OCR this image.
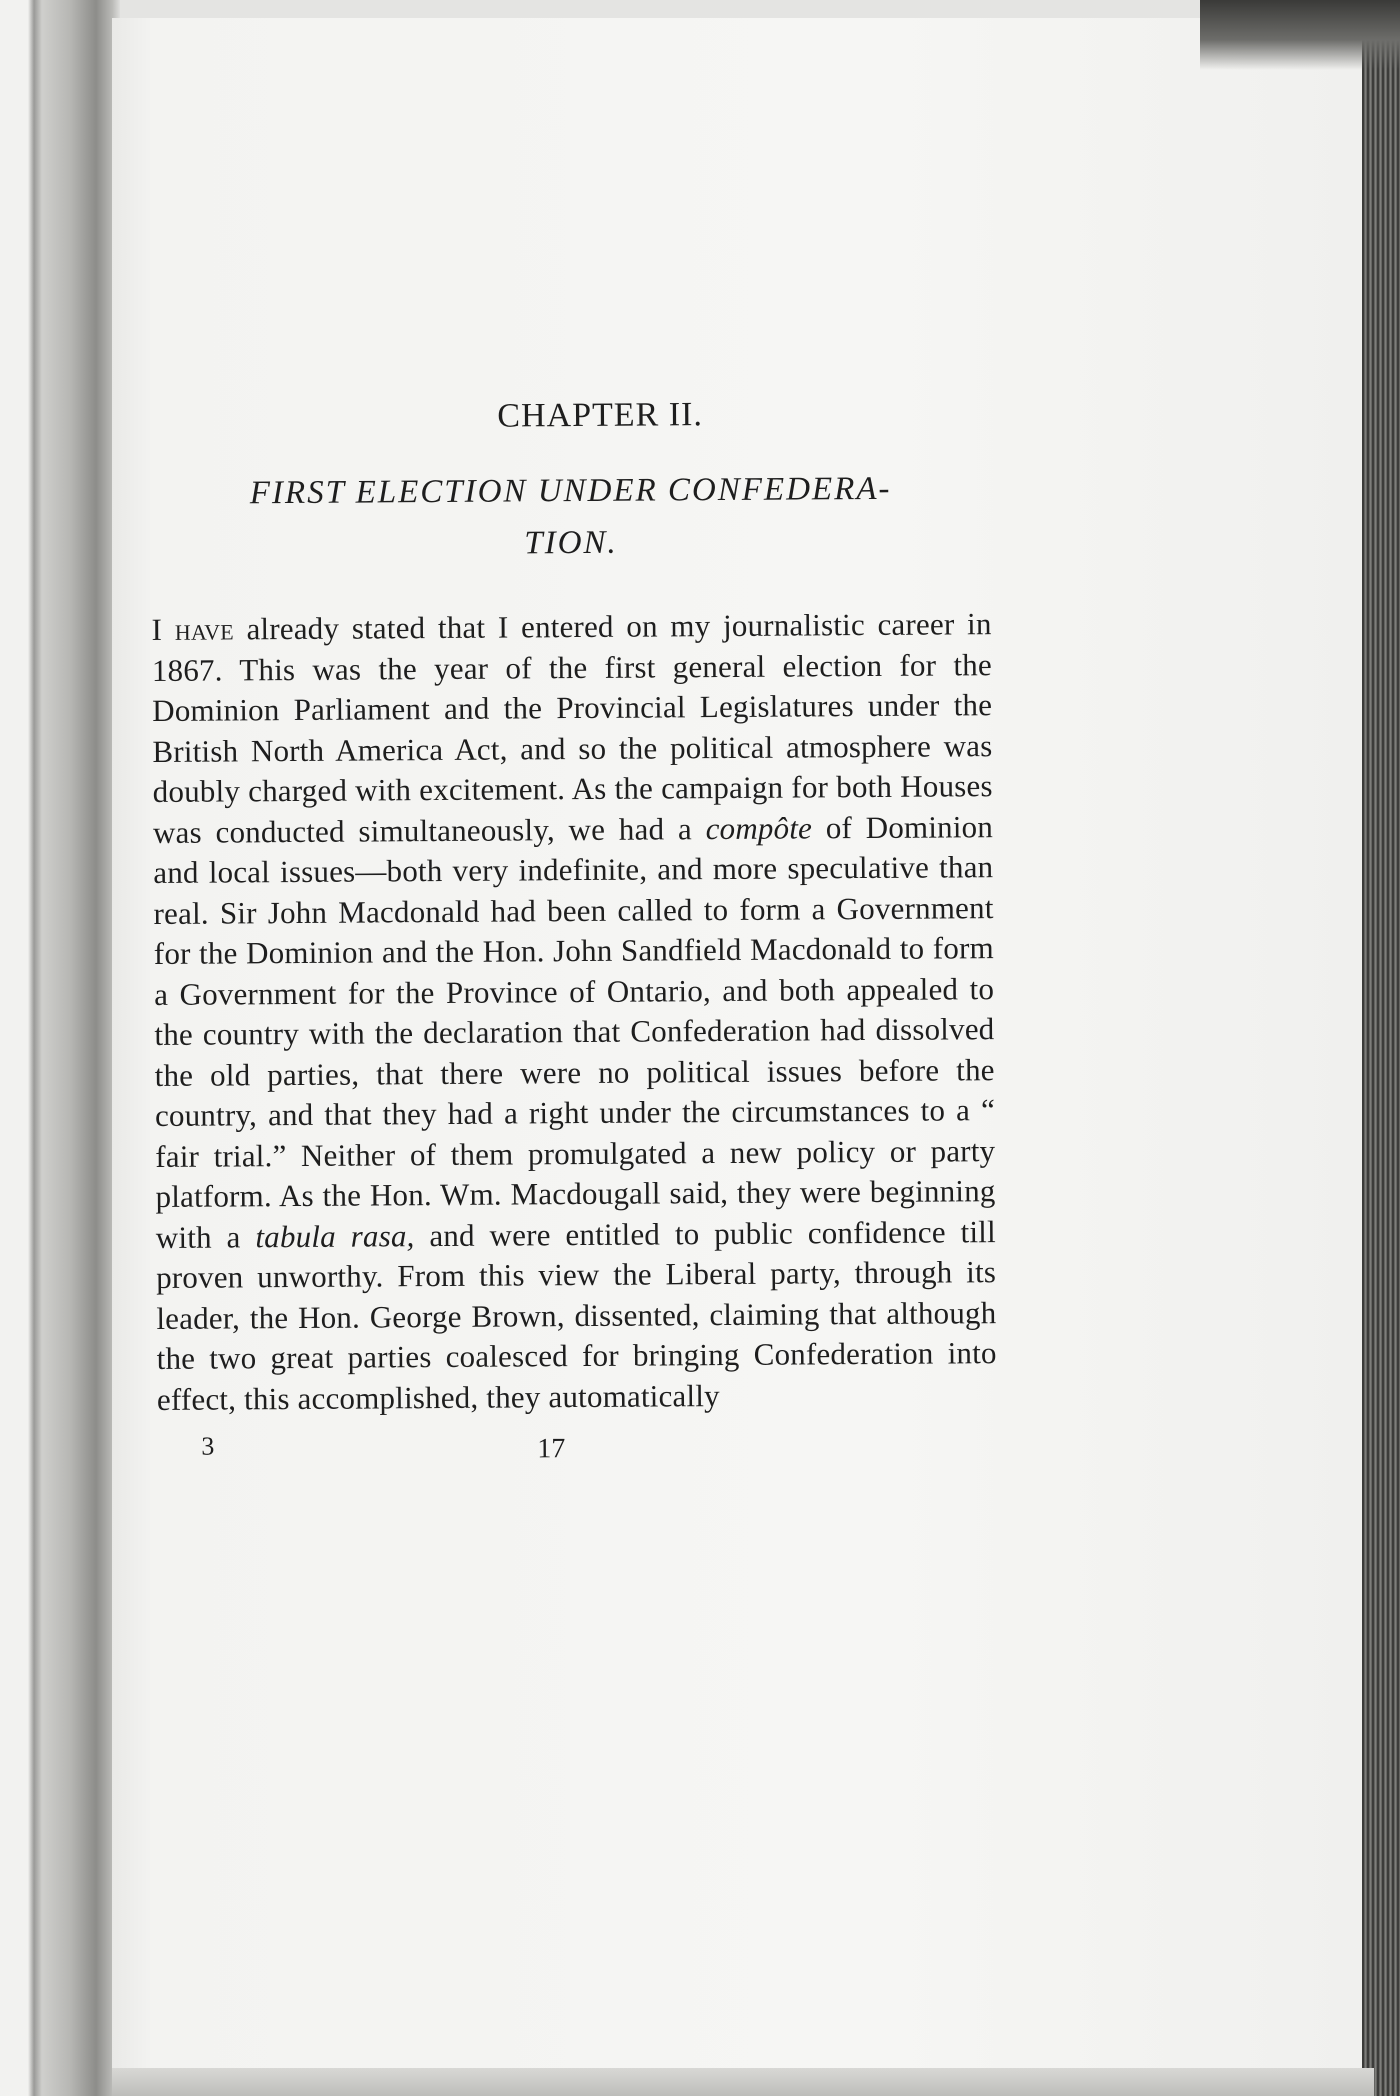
CHAPTER II.
FIRST ELECTION UNDER CONFEDERA-
TION.

I have already stated that I entered on my journalistic career in 1867. This was the year of the first general election for the Dominion Parliament and the Provincial Legislatures under the British North America Act, and so the political atmosphere was doubly charged with excitement. As the campaign for both Houses was conducted simultaneously, we had a compôte of Dominion and local issues—both very indefinite, and more speculative than real. Sir John Macdonald had been called to form a Government for the Dominion and the Hon. John Sandfield Macdonald to form a Government for the Province of Ontario, and both appealed to the country with the declaration that Confederation had dissolved the old parties, that there were no political issues before the country, and that they had a right under the circumstances to a “ fair trial.” Neither of them promulgated a new policy or party platform. As the Hon. Wm. Macdougall said, they were beginning with a tabula rasa, and were entitled to public confidence till proven unworthy. From this view the Liberal party, through its leader, the Hon. George Brown, dissented, claiming that although the two great parties coalesced for bringing Confederation into effect, this accomplished, they automatically

3	17
